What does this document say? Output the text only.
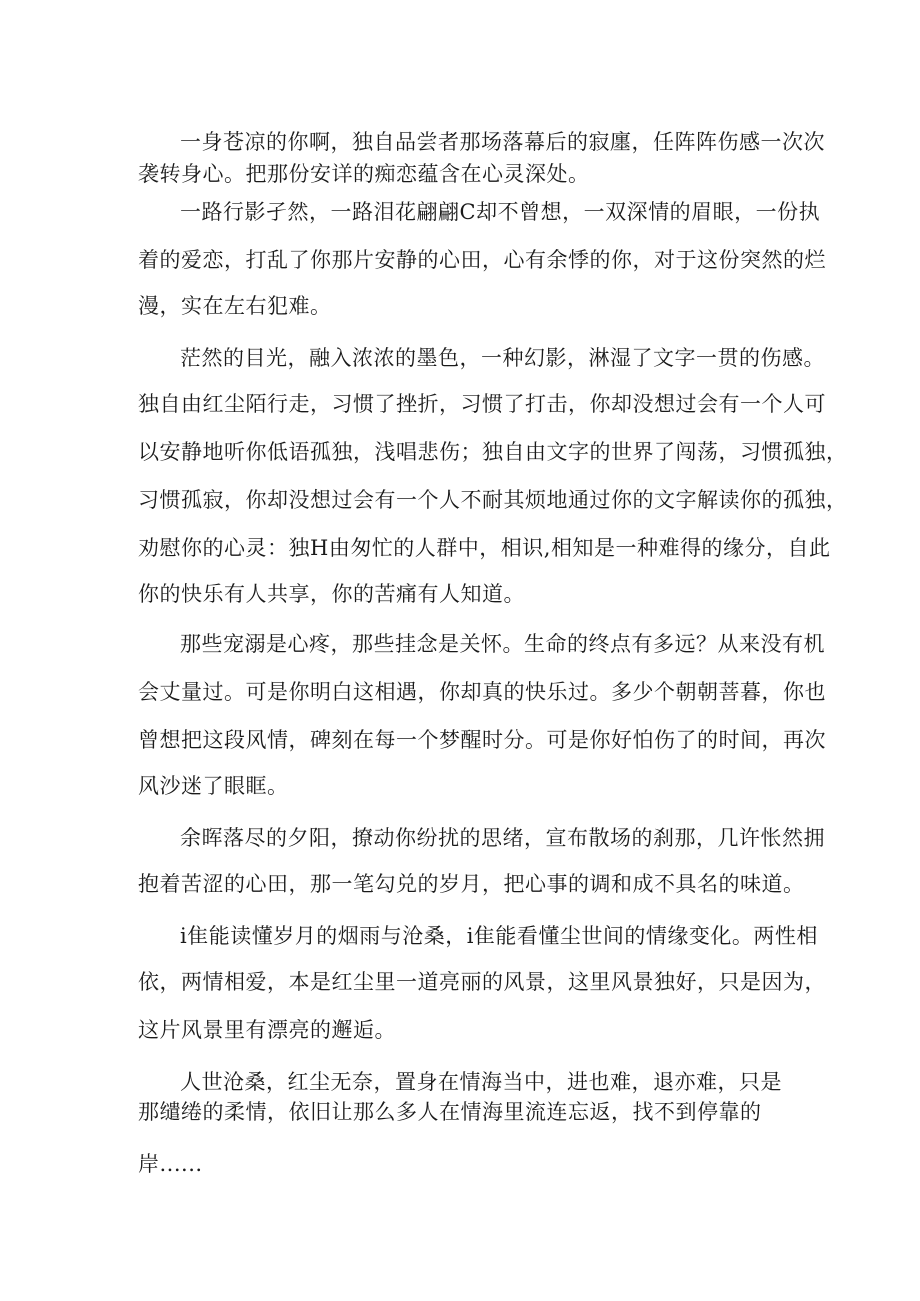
一身苍凉的你啊，独自品尝者那场落幕后的寂廛，任阵阵伤感一次次
袭转身心。把那份安详的痴恋蕴含在心灵深处。
一路行影孑然，一路泪花翩翩C却不曾想，一双深情的眉眼，一份执
着的爱恋，打乱了你那片安静的心田，心有余悸的你，对于这份突然的烂
漫，实在左右犯难。
茫然的目光，融入浓浓的墨色，一种幻影，淋湿了文字一贯的伤感。
独自由红尘陌行走，习惯了挫折，习惯了打击，你却没想过会有一个人可
以安静地听你低语孤独，浅唱悲伤；独自由文字的世界了闯荡，习惯孤独，
习惯孤寂，你却没想过会有一个人不耐其烦地通过你的文字解读你的孤独，
劝慰你的心灵：独H由匆忙的人群中，相识,相知是一种难得的缘分，自此
你的快乐有人共享，你的苦痛有人知道。
那些宠溺是心疼，那些挂念是关怀。生命的终点有多远？从来没有机
会丈量过。可是你明白这相遇，你却真的快乐过。多少个朝朝菩暮，你也
曾想把这段风情，碑刻在每一个梦醒时分。可是你好怕伤了的时间，再次
风沙迷了眼眶。
余晖落尽的夕阳，撩动你纷扰的思绪，宣布散场的刹那，几许怅然拥
抱着苦涩的心田，那一笔勾兑的岁月，把心事的调和成不具名的味道。
i隹能读懂岁月的烟雨与沧桑，i隹能看懂尘世间的情缘变化。两性相
依，两情相爱，本是红尘里一道亮丽的风景，这里风景独好，只是因为，
这片风景里有漂亮的邂逅。
人世沧桑，红尘无奈，置身在情海当中，进也难，退亦难，只是
那缱绻的柔情，依旧让那么多人在情海里流连忘返，找不到停靠的
岸......
